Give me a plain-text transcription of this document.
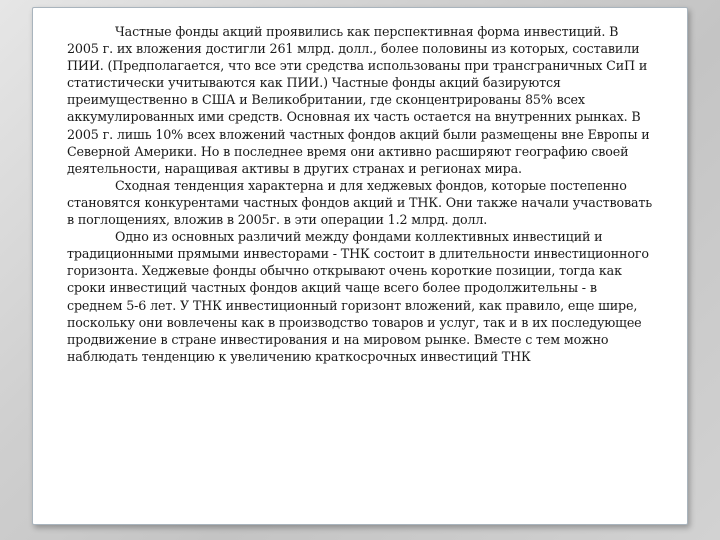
Частные фонды акций проявились как перспективная форма инвестиций. В 2005 г. их вложения достигли 261 млрд. долл., более половины из которых, составили ПИИ. (Предполагается, что все эти средства использованы при трансграничных СиП и статистически учитываются как ПИИ.) Частные фонды акций базируются преимущественно в США и Великобритании, где сконцентрированы 85% всех аккумулированных ими средств. Основная их часть остается на внутренних рынках. В 2005 г. лишь 10% всех вложений частных фондов акций были размещены вне Европы и Северной Америки. Но в последнее время они активно расширяют географию своей деятельности, наращивая активы в других странах и регионах мира.

Сходная тенденция характерна и для хеджевых фондов, которые постепенно становятся конкурентами частных фондов акций и ТНК. Они также начали участвовать в поглощениях, вложив в 2005г. в эти операции 1.2 млрд. долл.

Одно из основных различий между фондами коллективных инвестиций и традиционными прямыми инвесторами - ТНК состоит в длительности инвестиционного горизонта. Хеджевые фонды обычно открывают очень короткие позиции, тогда как сроки инвестиций частных фондов акций чаще всего более продолжительны - в среднем 5-6 лет. У ТНК инвестиционный горизонт вложений, как правило, еще шире, поскольку они вовлечены как в производство товаров и услуг, так и в их последующее продвижение в стране инвестирования и на мировом рынке. Вместе с тем можно наблюдать тенденцию к увеличению краткосрочных инвестиций ТНК
